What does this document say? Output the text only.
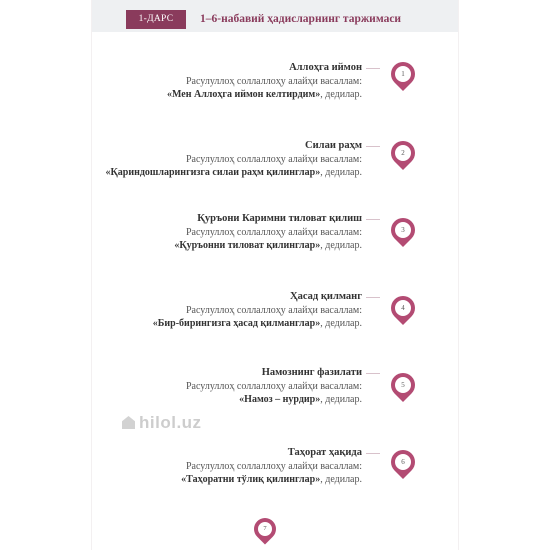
1-ДАРС	1–6-набавий ҳадисларнинг таржимаси
Аллоҳга иймон
Расулуллоҳ соллаллоҳу алайҳи васаллам:
«Мен Аллоҳга иймон келтирдим», дедилар.
1
Силаи раҳм
Расулуллоҳ соллаллоҳу алайҳи васаллам:
«Қариндошларингизга силаи раҳм қилинглар», дедилар.
2
Қуръони Каримни тиловат қилиш
Расулуллоҳ соллаллоҳу алайҳи васаллам:
«Қуръонни тиловат қилинглар», дедилар.
3
Ҳасад қилманг
Расулуллоҳ соллаллоҳу алайҳи васаллам:
«Бир-бирингизга ҳасад қилманглар», дедилар.
4
Намознинг фазилати
Расулуллоҳ соллаллоҳу алайҳи васаллам:
«Намоз – нурдир», дедилар.
5
Таҳорат ҳақида
Расулуллоҳ соллаллоҳу алайҳи васаллам:
«Таҳоратни тўлиқ қилинглар», дедилар.
6
7
hilol.uz
